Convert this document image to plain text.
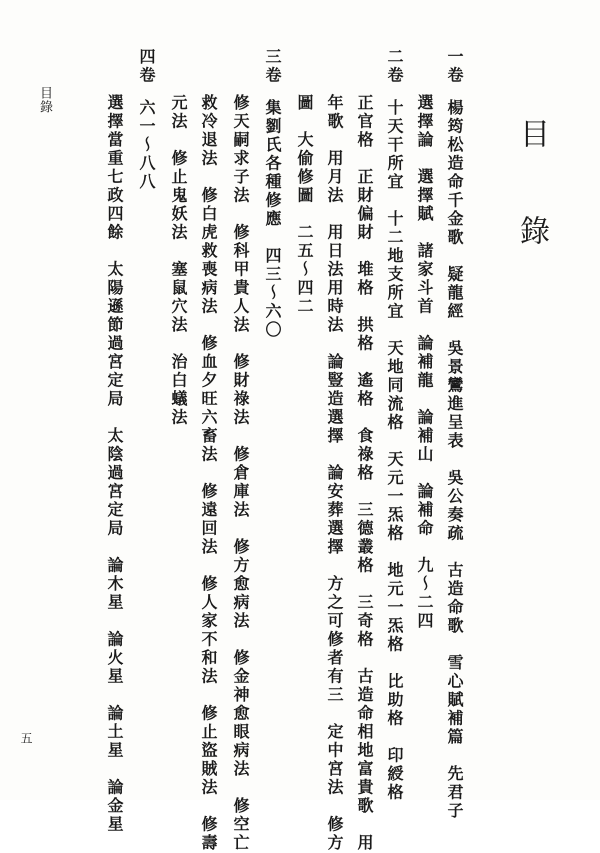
目 錄
目錄
五
一卷楊筠松造命千金歌　疑龍經　吳景鸞進呈表　吳公奏疏　古造命歌　雪心賦補篇　先君子
選擇論　選擇賦　諸家斗首　論補龍　論補山　論補命　九～二四
二卷十天干所宜　十二地支所宜　天地同流格　天元一炁格　地元一炁格　比助格　印綬格
正官格　正財偏財　堆格　拱格　遙格　食祿格　三德叢格　三奇格　古造命相地富貴歌　用
年歌　用月法　用日法用時法　論豎造選擇　論安葬選擇　方之可修者有三　定中宮法　修方
圖　大偷修圖　二五～四二
三卷集劉氏各種修應　四三～六〇
修天嗣求子法　修科甲貴人法　修財祿法　修倉庫法　修方愈病法　修金神愈眼病法　修空亡
救冷退法　修白虎救喪病法　修血夕旺六畜法　修遠回法　修人家不和法　修止盜賊法　修壽
元法　修止鬼妖法　塞鼠穴法　治白蟻法
四卷六一～八八
選擇當重七政四餘　太陽遜節過宮定局　太陰過宮定局　論木星　論火星　論土星　論金星
